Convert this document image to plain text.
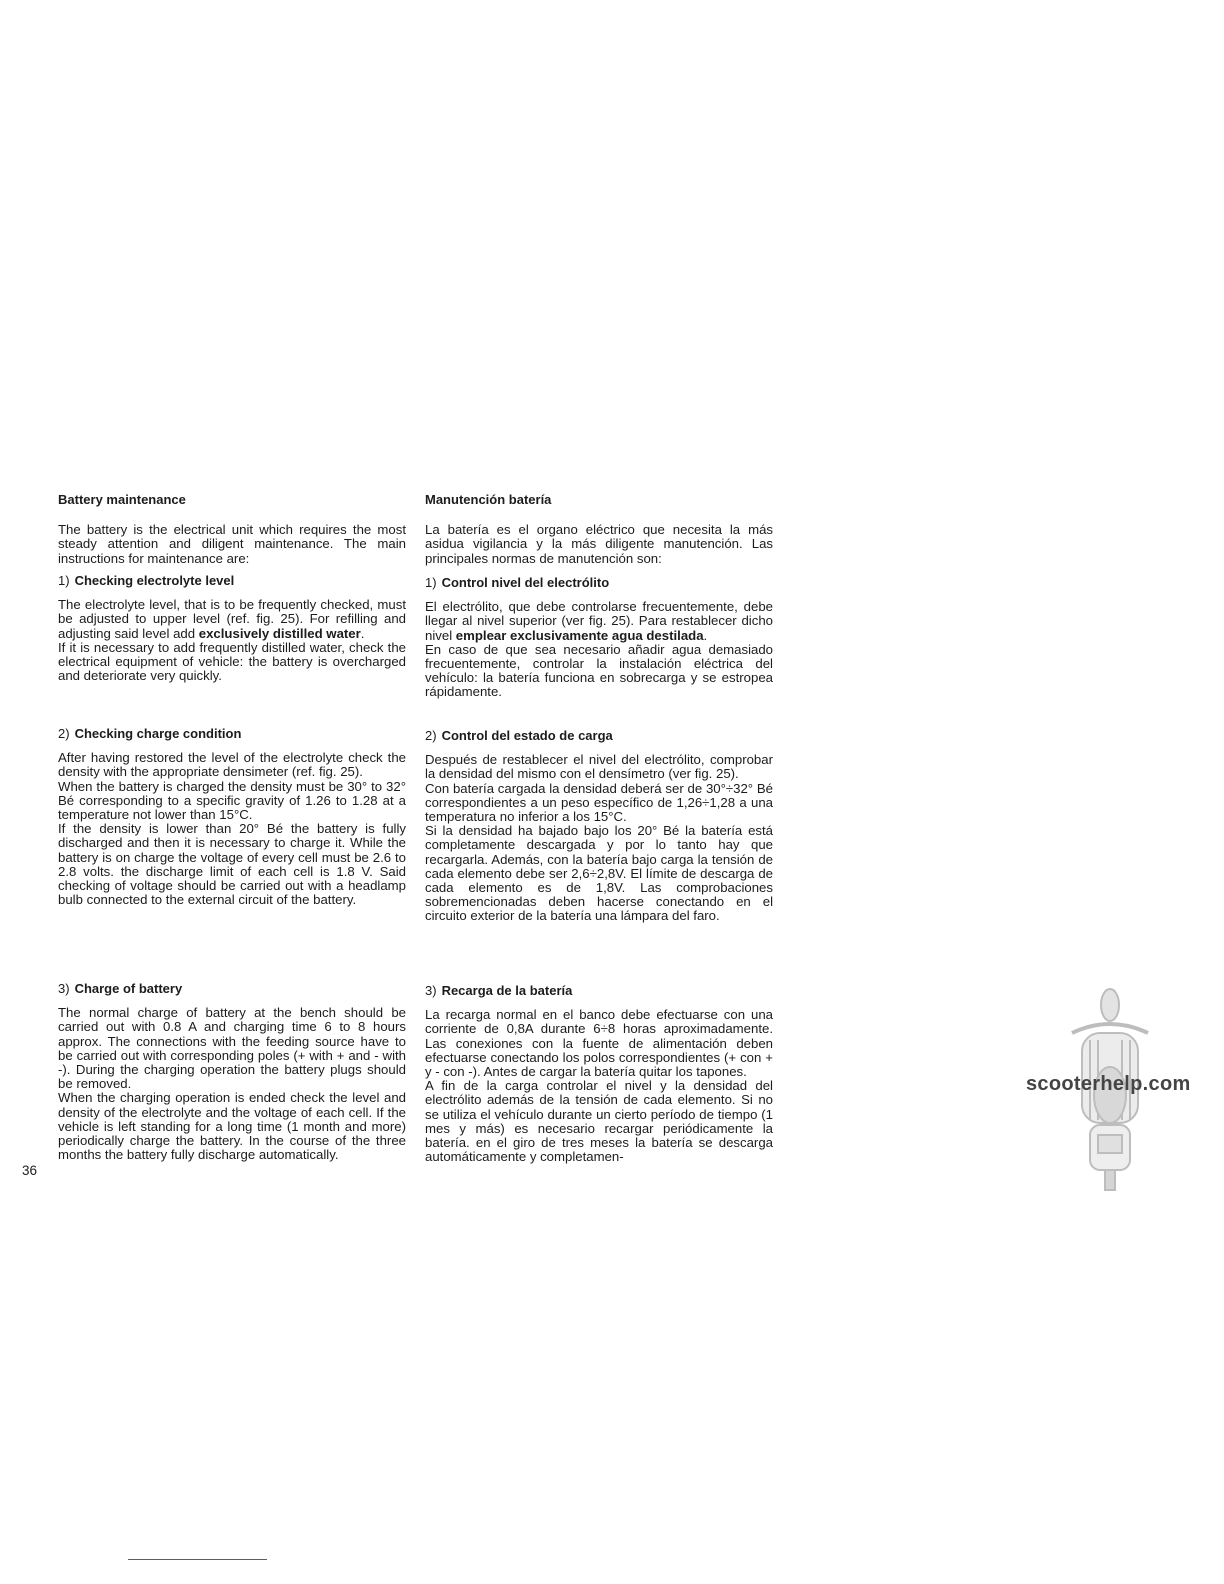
Battery maintenance

The battery is the electrical unit which requires the most steady attention and diligent maintenance. The main instructions for maintenance are:

1) Checking electrolyte level

The electrolyte level, that is to be frequently checked, must be adjusted to upper level (ref. fig. 25). For refilling and adjusting said level add exclusively distilled water.

If it is necessary to add frequently distilled water, check the electrical equipment of vehicle: the battery is overcharged and deteriorate very quickly.

2) Checking charge condition

After having restored the level of the electrolyte check the density with the appropriate densimeter (ref. fig. 25).

When the battery is charged the density must be 30° to 32° Bé corresponding to a specific gravity of 1.26 to 1.28 at a temperature not lower than 15°C.

If the density is lower than 20° Bé the battery is fully discharged and then it is necessary to charge it. While the battery is on charge the voltage of every cell must be 2.6 to 2.8 volts. the discharge limit of each cell is 1.8 V. Said checking of voltage should be carried out with a headlamp bulb connected to the external circuit of the battery.

3) Charge of battery

The normal charge of battery at the bench should be carried out with 0.8 A and charging time 6 to 8 hours approx. The connections with the feeding source have to be carried out with corresponding poles (+ with + and - with -). During the charging operation the battery plugs should be removed.

When the charging operation is ended check the level and density of the electrolyte and the voltage of each cell. If the vehicle is left standing for a long time (1 month and more) periodically charge the battery. In the course of the three months the battery fully discharge automatically.

Manutención batería

La batería es el organo eléctrico que necesita la más asidua vigilancia y la más diligente manutención. Las principales normas de manutención son:

1) Control nivel del electrólito

El electrólito, que debe controlarse frecuentemente, debe llegar al nivel superior (ver fig. 25). Para restablecer dicho nivel emplear exclusivamente agua destilada.

En caso de que sea necesario añadir agua demasiado frecuentemente, controlar la instalación eléctrica del vehículo: la batería funciona en sobrecarga y se estropea rápidamente.

2) Control del estado de carga

Después de restablecer el nivel del electrólito, comprobar la densidad del mismo con el densímetro (ver fig. 25).

Con batería cargada la densidad deberá ser de 30°÷32° Bé correspondientes a un peso específico de 1,26÷1,28 a una temperatura no inferior a los 15°C.

Si la densidad ha bajado bajo los 20° Bé la batería está completamente descargada y por lo tanto hay que recargarla. Además, con la batería bajo carga la tensión de cada elemento debe ser 2,6÷2,8V. El límite de descarga de cada elemento es de 1,8V. Las comprobaciones sobremencionadas deben hacerse conectando en el circuito exterior de la batería una lámpara del faro.

3) Recarga de la batería

La recarga normal en el banco debe efectuarse con una corriente de 0,8A durante 6÷8 horas aproximadamente. Las conexiones con la fuente de alimentación deben efectuarse conectando los polos correspondientes (+ con + y - con -). Antes de cargar la batería quitar los tapones.

A fin de la carga controlar el nivel y la densidad del electrólito además de la tensión de cada elemento. Si no se utiliza el vehículo durante un cierto período de tiempo (1 mes y más) es necesario recargar periódicamente la batería. en el giro de tres meses la batería se descarga automáticamente y completamen-

36
scooterhelp.com
